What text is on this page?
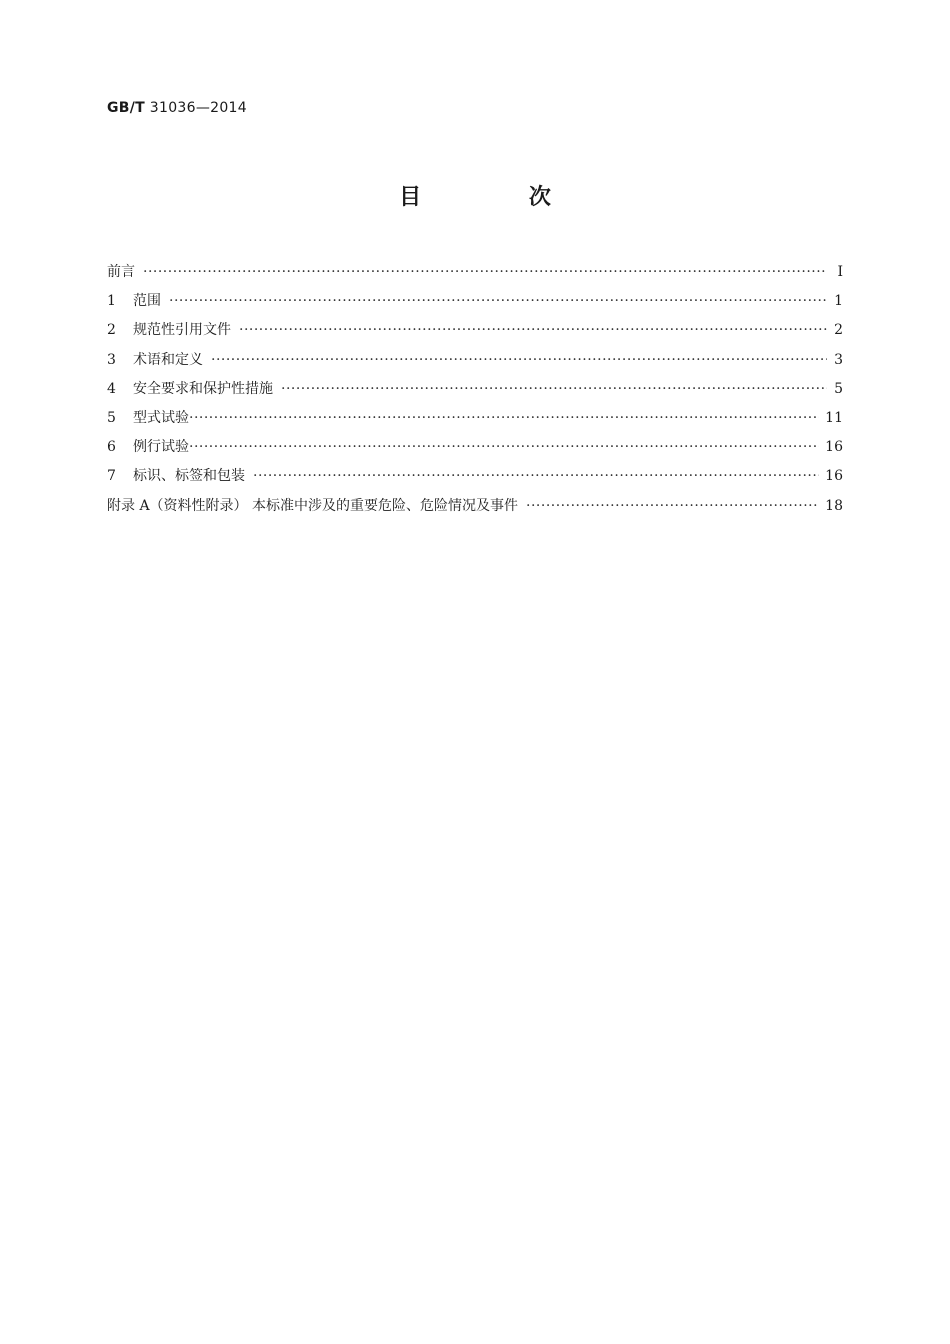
GB/T 31036—2014
目 次
前言 ·····	Ⅰ
1	范围 ·····	1
2	规范性引用文件 ·····	2
3	术语和定义 ·····	3
4	安全要求和保护性措施 ·····	5
5	型式试验 ·····	11
6	例行试验 ·····	16
7	标识、标签和包装 ·····	16
附录 A（资料性附录） 本标准中涉及的重要危险、危险情况及事件 ·····	18
